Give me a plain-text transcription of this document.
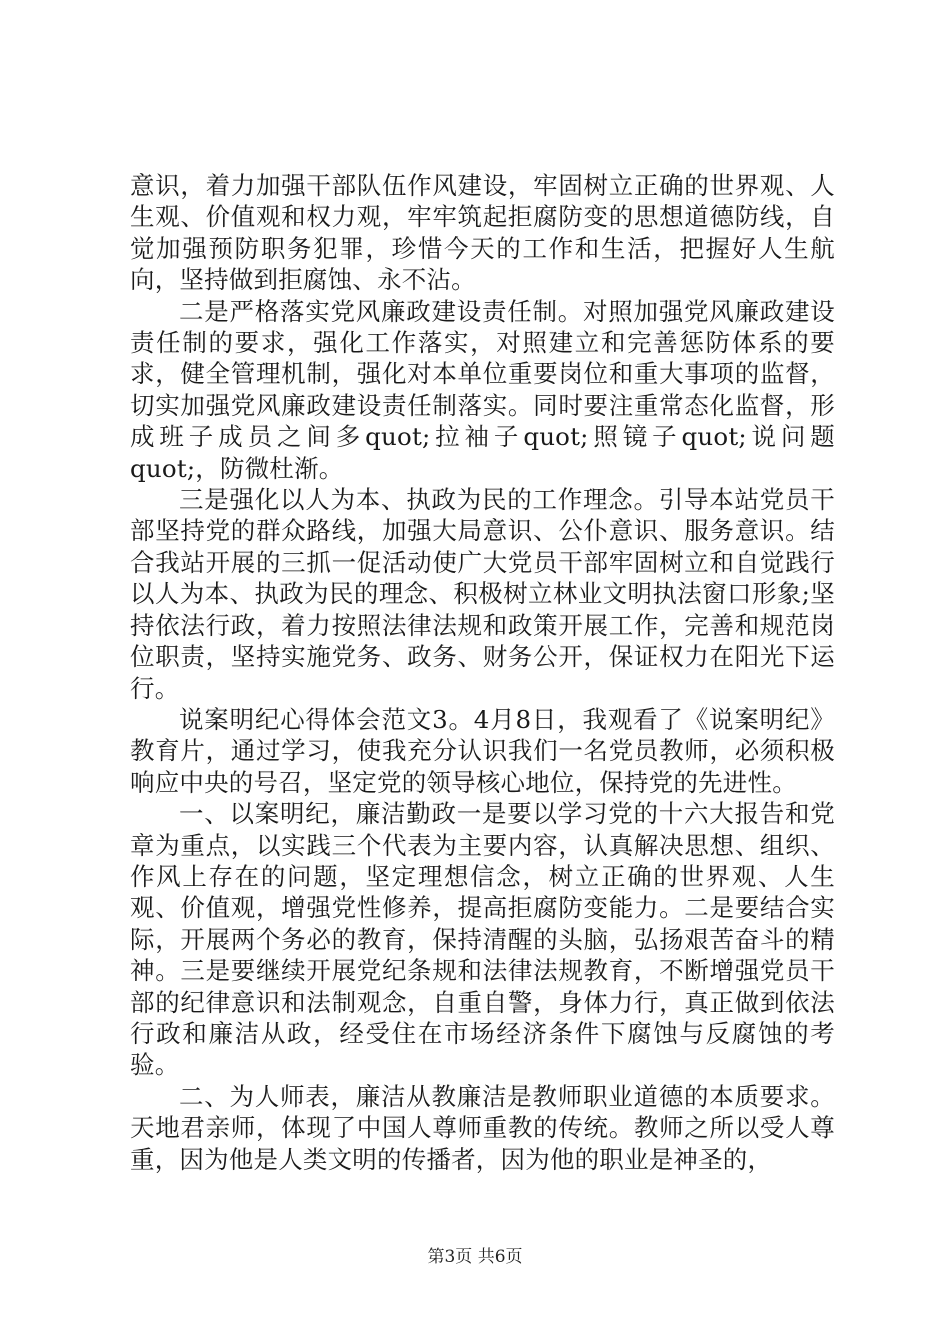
意识，着力加强干部队伍作风建设，牢固树立正确的世界观、人生观、价值观和权力观，牢牢筑起拒腐防变的思想道德防线，自觉加强预防职务犯罪，珍惜今天的工作和生活，把握好人生航向，坚持做到拒腐蚀、永不沾。

二是严格落实党风廉政建设责任制。对照加强党风廉政建设责任制的要求，强化工作落实，对照建立和完善惩防体系的要求，健全管理机制，强化对本单位重要岗位和重大事项的监督，切实加强党风廉政建设责任制落实。同时要注重常态化监督，形成班子成员之间多quot;拉袖子quot;照镜子quot;说问题quot;，防微杜渐。

三是强化以人为本、执政为民的工作理念。引导本站党员干部坚持党的群众路线，加强大局意识、公仆意识、服务意识。结合我站开展的三抓一促活动使广大党员干部牢固树立和自觉践行以人为本、执政为民的理念、积极树立林业文明执法窗口形象;坚持依法行政，着力按照法律法规和政策开展工作，完善和规范岗位职责，坚持实施党务、政务、财务公开，保证权力在阳光下运行。

说案明纪心得体会范文3。4月8日，我观看了《说案明纪》教育片，通过学习，使我充分认识我们一名党员教师，必须积极响应中央的号召，坚定党的领导核心地位，保持党的先进性。

一、以案明纪，廉洁勤政一是要以学习党的十六大报告和党章为重点，以实践三个代表为主要内容，认真解决思想、组织、作风上存在的问题，坚定理想信念，树立正确的世界观、人生观、价值观，增强党性修养，提高拒腐防变能力。二是要结合实际，开展两个务必的教育，保持清醒的头脑，弘扬艰苦奋斗的精神。三是要继续开展党纪条规和法律法规教育，不断增强党员干部的纪律意识和法制观念，自重自警，身体力行，真正做到依法行政和廉洁从政，经受住在市场经济条件下腐蚀与反腐蚀的考验。

二、为人师表，廉洁从教廉洁是教师职业道德的本质要求。天地君亲师，体现了中国人尊师重教的传统。教师之所以受人尊重，因为他是人类文明的传播者，因为他的职业是神圣的，

第3页 共6页
